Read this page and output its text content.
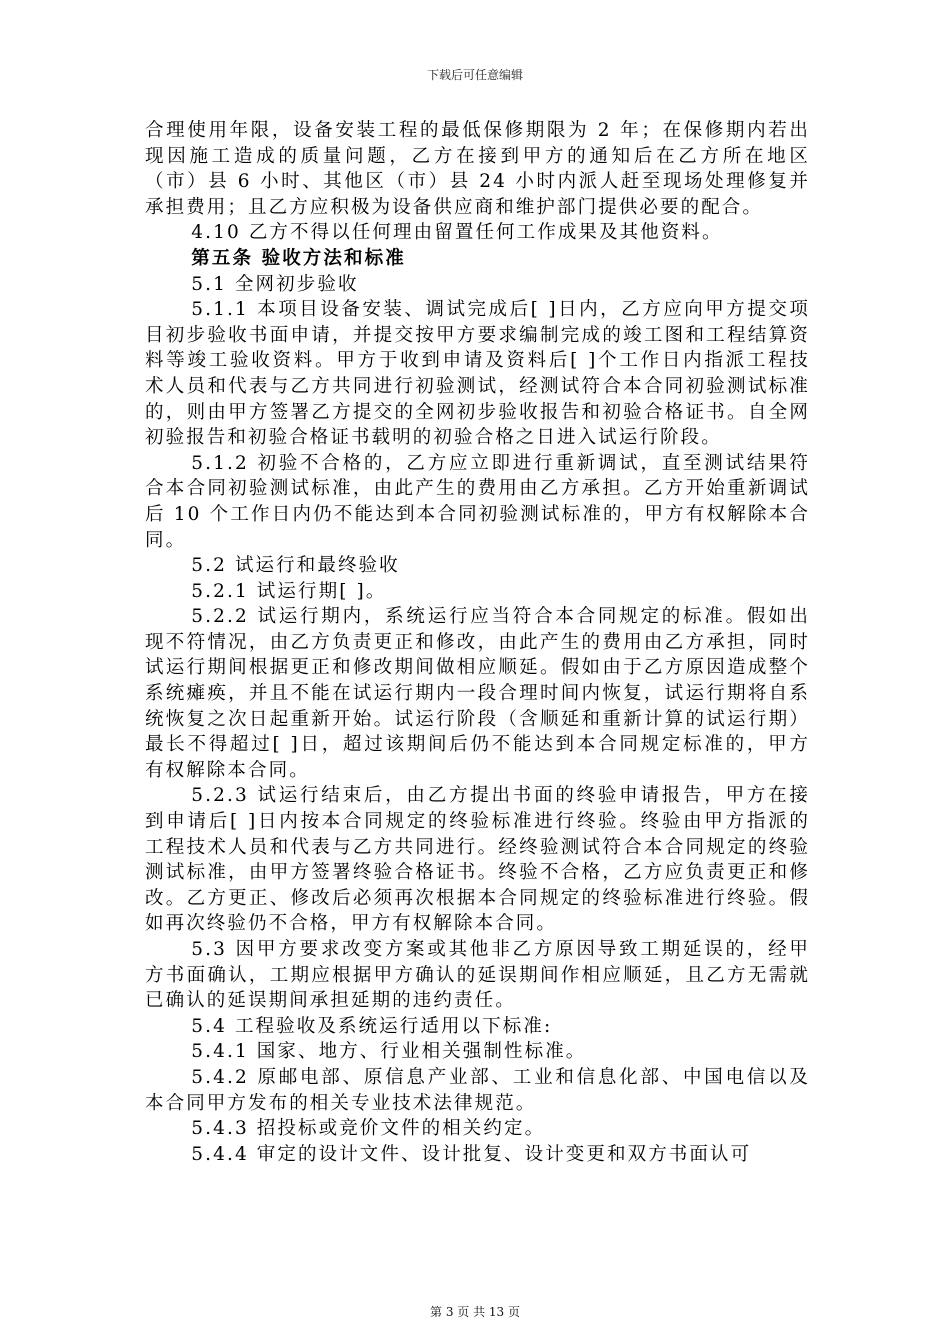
下载后可任意编辑

合理使用年限，设备安装工程的最低保修期限为 2 年；在保修期内若出现因施工造成的质量问题，乙方在接到甲方的通知后在乙方所在地区（市）县 6 小时、其他区（市）县 24 小时内派人赶至现场处理修复并承担费用；且乙方应积极为设备供应商和维护部门提供必要的配合。

4.10 乙方不得以任何理由留置任何工作成果及其他资料。

第五条 验收方法和标准

5.1 全网初步验收

5.1.1 本项目设备安装、调试完成后[ ]日内，乙方应向甲方提交项目初步验收书面申请，并提交按甲方要求编制完成的竣工图和工程结算资料等竣工验收资料。甲方于收到申请及资料后[ ]个工作日内指派工程技术人员和代表与乙方共同进行初验测试，经测试符合本合同初验测试标准的，则由甲方签署乙方提交的全网初步验收报告和初验合格证书。自全网初验报告和初验合格证书载明的初验合格之日进入试运行阶段。

5.1.2 初验不合格的，乙方应立即进行重新调试，直至测试结果符合本合同初验测试标准，由此产生的费用由乙方承担。乙方开始重新调试后 10 个工作日内仍不能达到本合同初验测试标准的，甲方有权解除本合同。

5.2 试运行和最终验收

5.2.1 试运行期[ ]。

5.2.2 试运行期内，系统运行应当符合本合同规定的标准。假如出现不符情况，由乙方负责更正和修改，由此产生的费用由乙方承担，同时试运行期间根据更正和修改期间做相应顺延。假如由于乙方原因造成整个系统瘫痪，并且不能在试运行期内一段合理时间内恢复，试运行期将自系统恢复之次日起重新开始。试运行阶段（含顺延和重新计算的试运行期）最长不得超过[ ]日，超过该期间后仍不能达到本合同规定标准的，甲方有权解除本合同。

5.2.3 试运行结束后，由乙方提出书面的终验申请报告，甲方在接到申请后[ ]日内按本合同规定的终验标准进行终验。终验由甲方指派的工程技术人员和代表与乙方共同进行。经终验测试符合本合同规定的终验测试标准，由甲方签署终验合格证书。终验不合格，乙方应负责更正和修改。乙方更正、修改后必须再次根据本合同规定的终验标准进行终验。假如再次终验仍不合格，甲方有权解除本合同。

5.3 因甲方要求改变方案或其他非乙方原因导致工期延误的，经甲方书面确认，工期应根据甲方确认的延误期间作相应顺延，且乙方无需就已确认的延误期间承担延期的违约责任。

5.4 工程验收及系统运行适用以下标准:

5.4.1 国家、地方、行业相关强制性标准。

5.4.2 原邮电部、原信息产业部、工业和信息化部、中国电信以及本合同甲方发布的相关专业技术法律规范。

5.4.3 招投标或竞价文件的相关约定。

5.4.4 审定的设计文件、设计批复、设计变更和双方书面认可

第 3 页 共 13 页
